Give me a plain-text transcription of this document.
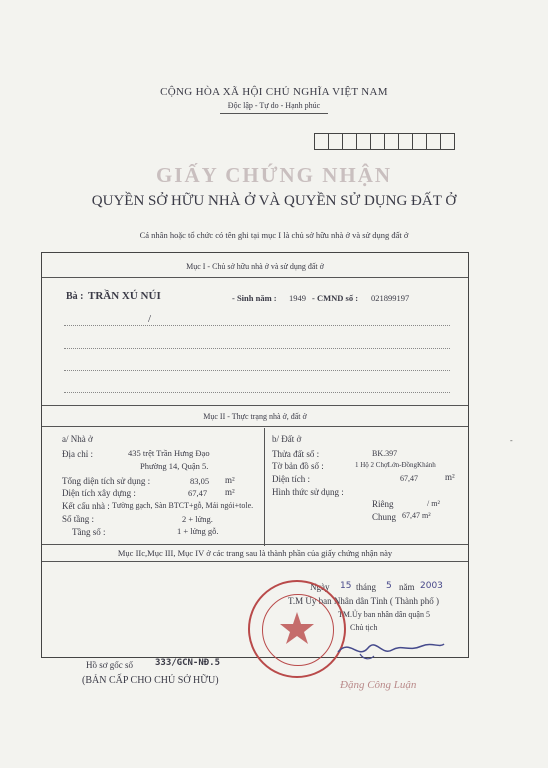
CỘNG HÒA XÃ HỘI CHỦ NGHĨA VIỆT NAM
Độc lập - Tự do - Hạnh phúc
GIẤY CHỨNG NHẬN
QUYỀN SỞ HỮU NHÀ Ở VÀ QUYỀN SỬ DỤNG ĐẤT Ở
Cá nhân hoặc tổ chức có tên ghi tại mục I là chủ sở hữu nhà ở và sử dụng đất ở
Mục I - Chủ sở hữu nhà ở và sử dụng đất ở
Bà : TRẦN XÚ NÚI	- Sinh năm : 1949 - CMND số : 021899197
/
Mục II - Thực trạng nhà ở, đất ở
a/ Nhà ở
Địa chỉ :	435 trệt Trần Hưng Đạo
Phường 14, Quận 5.
Tổng diện tích sử dụng :	83,05 m²
Diện tích xây dựng :	67,47 m²
Kết cấu nhà : Tường gạch, Sàn BTCT+gỗ, Mái ngói+tole.
Số tầng :	2 + lửng.
Tầng số :	1 + lửng gỗ.
b/ Đất ở
Thửa đất số :	BK.397
Tờ bản đồ số :	1 Hộ 2 ChợLớn-ĐồngKhánh
Diện tích :	67,47	m²
Hình thức sử dụng :
Riêng	/ m²
Chung 67,47 m²
Mục IIc,Mục III, Mục IV ở các trang sau là thành phần của giấy chứng nhận này
Ngày 15 tháng 5 năm 2003
T.M Ủy ban Nhân dân Tỉnh ( Thành phố )
TM.Ủy ban nhân dân quận 5
Chủ tịch
Đặng Công Luận
Hồ sơ gốc số 333/GCN-NĐ.5
(BẢN CẤP CHO CHỦ SỞ HỮU)
-
